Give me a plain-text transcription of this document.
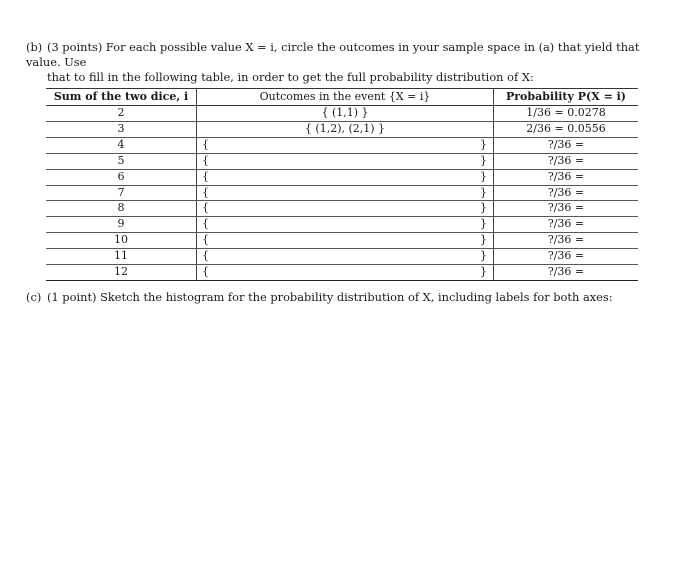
(b) (3 points) For each possible value X = i, circle the outcomes in your sample space in (a) that yield that value. Use
that to fill in the following table, in order to get the full probability distribution of X:
Sum of the two dice, i	Outcomes in the event {X = i}	Probability P(X = i)
2	{ (1,1) }	1/36 = 0.0278
3	{ (1,2), (2,1) }	2/36 = 0.0556
4	{ }	?/36 =
5	{ }	?/36 =
6	{ }	?/36 =
7	{ }	?/36 =
8	{ }	?/36 =
9	{ }	?/36 =
10	{ }	?/36 =
11	{ }	?/36 =
12	{ }	?/36 =
(c) (1 point) Sketch the histogram for the probability distribution of X, including labels for both axes:
